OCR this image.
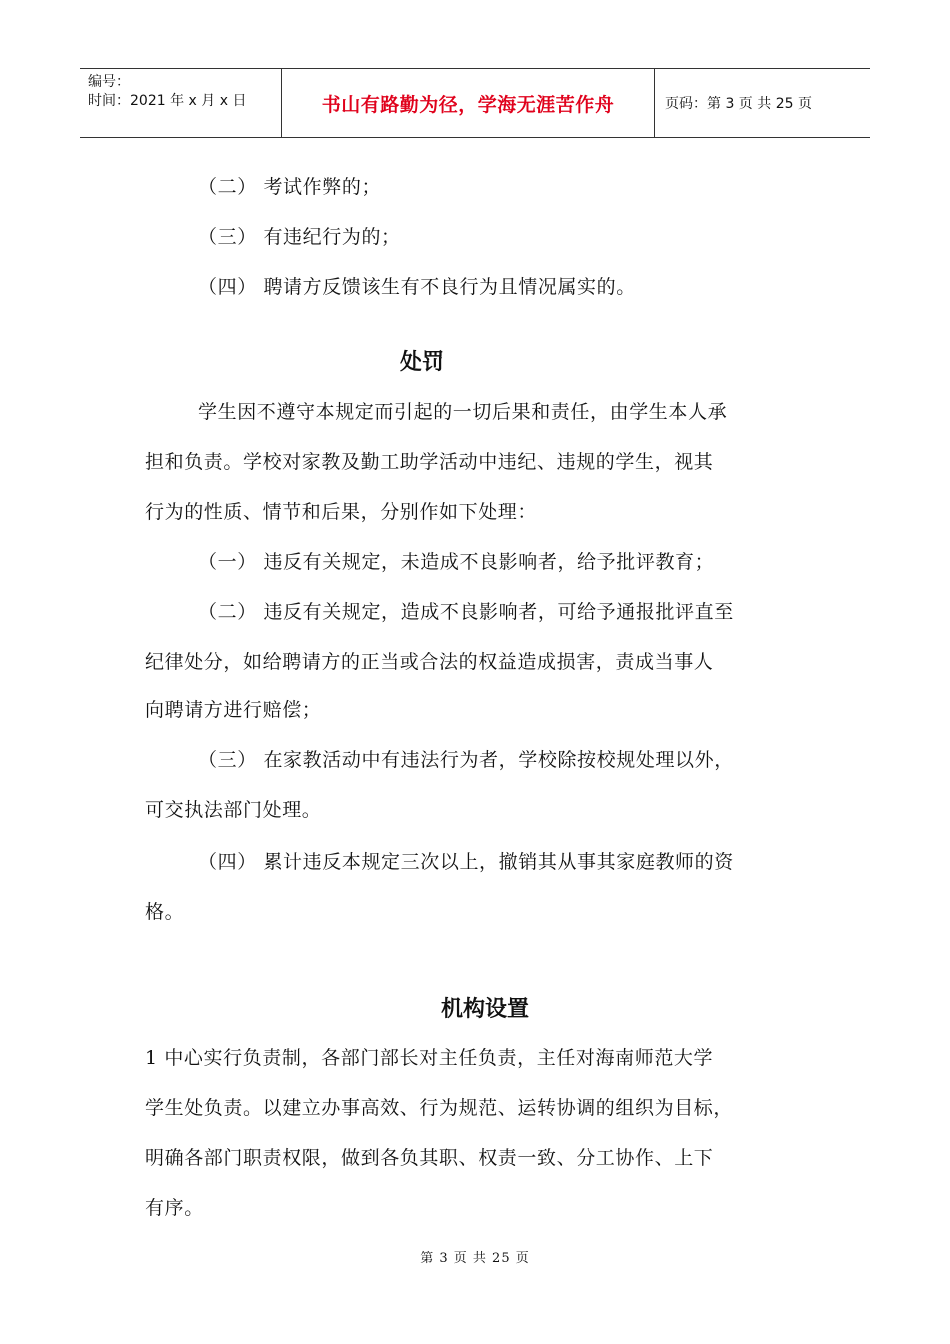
编号：
时间：2021 年 x 月 x 日	书山有路勤为径，学海无涯苦作舟	页码：第 3 页 共 25 页
（二） 考试作弊的；
（三） 有违纪行为的；
（四） 聘请方反馈该生有不良行为且情况属实的。
处罚
学生因不遵守本规定而引起的一切后果和责任，由学生本人承
担和负责。学校对家教及勤工助学活动中违纪、违规的学生，视其
行为的性质、情节和后果，分别作如下处理：
（一） 违反有关规定，未造成不良影响者，给予批评教育；
（二） 违反有关规定，造成不良影响者，可给予通报批评直至
纪律处分，如给聘请方的正当或合法的权益造成损害，责成当事人
向聘请方进行赔偿；
（三） 在家教活动中有违法行为者，学校除按校规处理以外，
可交执法部门处理。
（四） 累计违反本规定三次以上，撤销其从事其家庭教师的资
格。
机构设置
1 中心实行负责制，各部门部长对主任负责，主任对海南师范大学
学生处负责。以建立办事高效、行为规范、运转协调的组织为目标，
明确各部门职责权限，做到各负其职、权责一致、分工协作、上下
有序。
第 3 页 共 25 页
